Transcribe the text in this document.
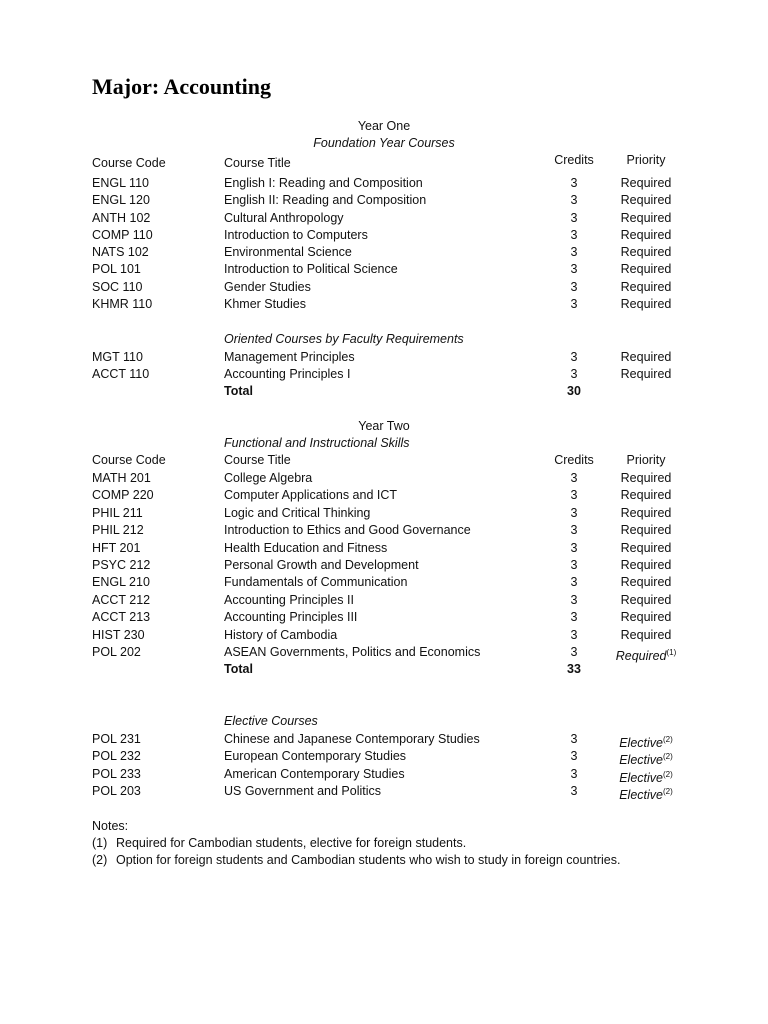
Major: Accounting
Year One
Foundation Year Courses
Course Code	Course Title	Credits	Priority
ENGL 110	English I: Reading and Composition	3	Required
ENGL 120	English II: Reading and Composition	3	Required
ANTH 102	Cultural Anthropology	3	Required
COMP 110	Introduction to Computers	3	Required
NATS 102	Environmental Science	3	Required
POL 101	Introduction to Political Science	3	Required
SOC 110	Gender Studies	3	Required
KHMR 110	Khmer Studies	3	Required
Oriented Courses by Faculty Requirements
MGT 110	Management Principles	3	Required
ACCT 110	Accounting Principles I	3	Required
Total	30
Year Two
Functional and Instructional Skills
Course Code	Course Title	Credits	Priority
MATH 201	College Algebra	3	Required
COMP 220	Computer Applications and ICT	3	Required
PHIL 211	Logic and Critical Thinking	3	Required
PHIL 212	Introduction to Ethics and Good Governance	3	Required
HFT 201	Health Education and Fitness	3	Required
PSYC 212	Personal Growth and Development	3	Required
ENGL 210	Fundamentals of Communication	3	Required
ACCT 212	Accounting Principles II	3	Required
ACCT 213	Accounting Principles III	3	Required
HIST 230	History of Cambodia	3	Required
POL 202	ASEAN Governments, Politics and Economics	3	Required$^{(1)}$
Total	33
Elective Courses
POL 231	Chinese and Japanese Contemporary Studies	3	Elective$^{(2)}$
POL 232	European Contemporary Studies	3	Elective$^{(2)}$
POL 233	American Contemporary Studies	3	Elective$^{(2)}$
POL 203	US Government and Politics	3	Elective$^{(2)}$
Notes:
(1) Required for Cambodian students, elective for foreign students.
(2) Option for foreign students and Cambodian students who wish to study in foreign countries.
